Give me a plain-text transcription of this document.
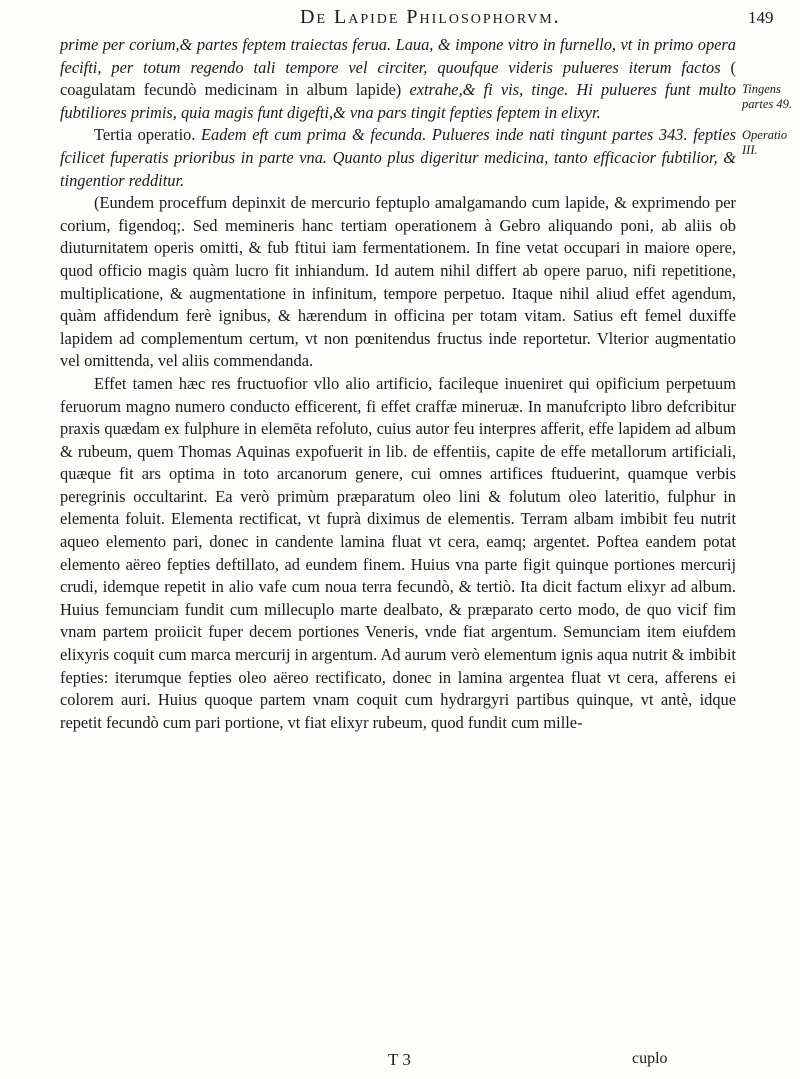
De Lapide Philosophorvm.	149
Tingens partes 49.
Operatio III.

prime per corium,& partes feptem traiectas ferua. Laua, & impone vitro in furnello, vt in primo opera fecifti, per totum regendo tali tempore vel circiter, quoufque videris pulueres iterum factos ( coagulatam fecundò medicinam in album lapide) extrahe,& fi vis, tinge. Hi pulueres funt multo fubtiliores primis, quia magis funt digefti,& vna pars tingit fepties feptem in elixyr.

Tertia operatio. Eadem eft cum prima & fecunda. Pulueres inde nati tingunt partes 343. fepties fcilicet fuperatis prioribus in parte vna. Quanto plus digeritur medicina, tanto efficacior fubtilior, & tingentior redditur.

(Eundem proceffum depinxit de mercurio feptuplo amalgamando cum lapide, & exprimendo per corium, figendoq;. Sed memineris hanc tertiam operationem à Gebro aliquando poni, ab aliis ob diuturnitatem operis omitti, & fub ftitui iam fermentationem. In fine vetat occupari in maiore opere, quod officio magis quàm lucro fit inhiandum. Id autem nihil differt ab opere paruo, nifi repetitione, multiplicatione, & augmentatione in infinitum, tempore perpetuo. Itaque nihil aliud effet agendum, quàm affidendum ferè ignibus, & hærendum in officina per totam vitam. Satius eft femel duxiffe lapidem ad complementum certum, vt non pœnitendus fructus inde reportetur. Vlterior augmentatio vel omittenda, vel aliis commendanda.

Effet tamen hæc res fructuofior vllo alio artificio, facileque inueniret qui opificium perpetuum feruorum magno numero conducto efficerent, fi effet craffæ mineruæ. In manufcripto libro defcribitur praxis quædam ex fulphure in elemēta refoluto, cuius autor feu interpres afferit, effe lapidem ad album & rubeum, quem Thomas Aquinas expofuerit in lib. de effentiis, capite de effe metallorum artificiali, quæque fit ars optima in toto arcanorum genere, cui omnes artifices ftuduerint, quamque verbis peregrinis occultarint. Ea verò primùm præparatum oleo lini & folutum oleo lateritio, fulphur in elementa foluit. Elementa rectificat, vt fuprà diximus de elementis. Terram albam imbibit feu nutrit aqueo elemento pari, donec in candente lamina fluat vt cera, eamq; argentet. Poftea eandem potat elemento aëreo fepties deftillato, ad eundem finem. Huius vna parte figit quinque portiones mercurij crudi, idemque repetit in alio vafe cum noua terra fecundò, & tertiò. Ita dicit factum elixyr ad album. Huius femunciam fundit cum millecuplo marte dealbato, & præparato certo modo, de quo vicif fim vnam partem proiicit fuper decem portiones Veneris, vnde fiat argentum. Semunciam item eiufdem elixyris coquit cum marca mercurij in argentum. Ad aurum verò elementum ignis aqua nutrit & imbibit fepties: iterumque fepties oleo aëreo rectificato, donec in lamina argentea fluat vt cera, afferens ei colorem auri. Huius quoque partem vnam coquit cum hydrargyri partibus quinque, vt antè, idque repetit fecundò cum pari portione, vt fiat elixyr rubeum, quod fundit cum mille-

T 3	cuplo
